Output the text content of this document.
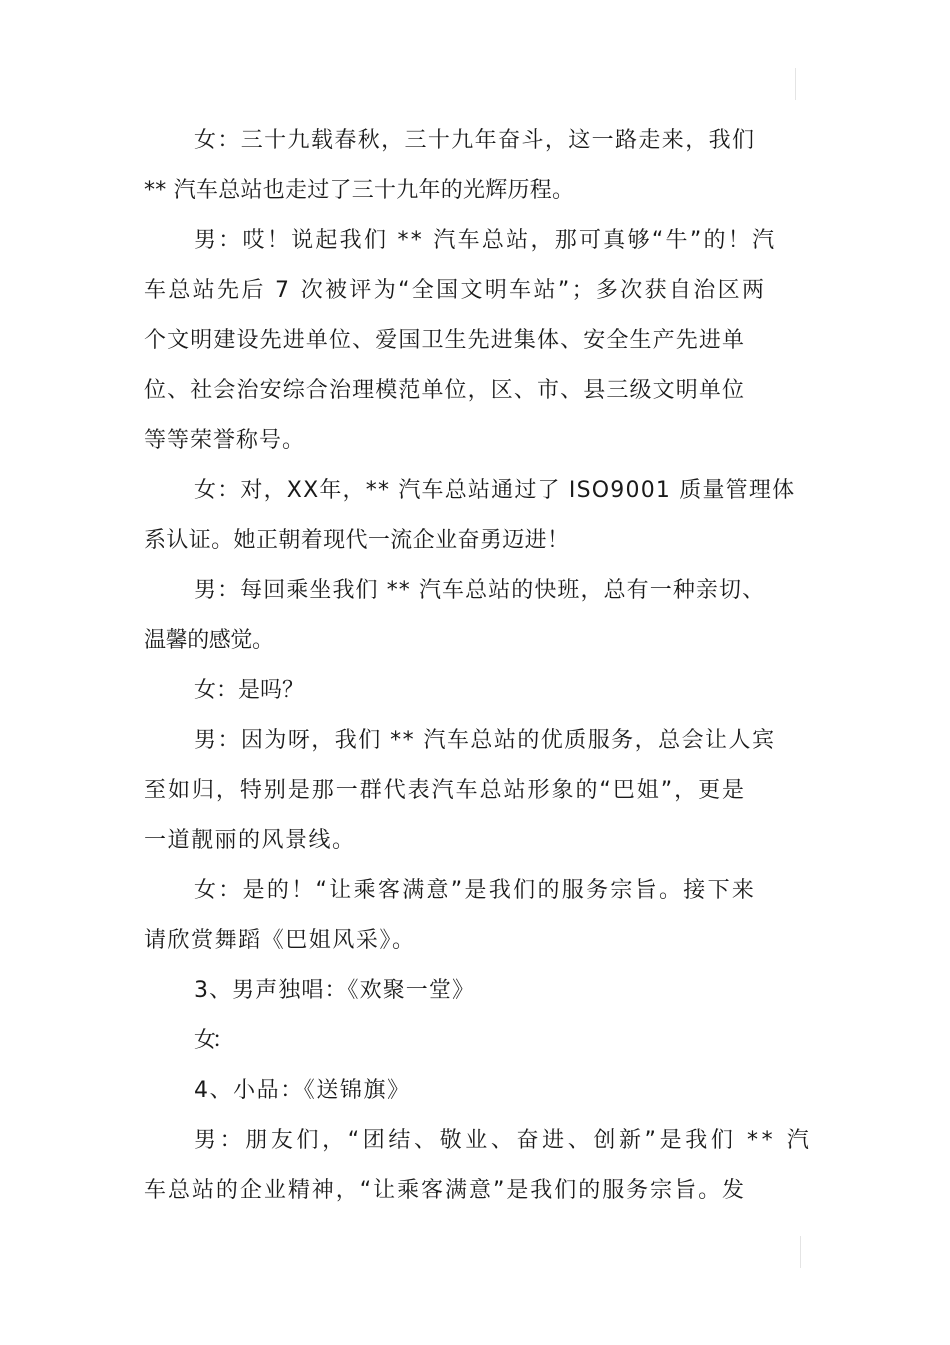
女：三十九载春秋，三十九年奋斗，这一路走来，我们

** 汽车总站也走过了三十九年的光辉历程。

男：哎！说起我们 ** 汽车总站，那可真够“牛”的！汽

车总站先后 7 次被评为“全国文明车站”；多次获自治区两

个文明建设先进单位、爱国卫生先进集体、安全生产先进单

位、社会治安综合治理模范单位，区、市、县三级文明单位

等等荣誉称号。

女：对，XX年，** 汽车总站通过了 ISO9001 质量管理体

系认证。她正朝着现代一流企业奋勇迈进！

男：每回乘坐我们 ** 汽车总站的快班，总有一种亲切、

温馨的感觉。

女：是吗？

男：因为呀，我们 ** 汽车总站的优质服务，总会让人宾

至如归，特别是那一群代表汽车总站形象的“巴姐”，更是

一道靓丽的风景线。

女：是的！“让乘客满意”是我们的服务宗旨。接下来

请欣赏舞蹈《巴姐风采》。

3、男声独唱：《欢聚一堂》

女：

4、小品：《送锦旗》

男：朋友们，“团结、敬业、奋进、创新”是我们 ** 汽

车总站的企业精神，“让乘客满意”是我们的服务宗旨。发
